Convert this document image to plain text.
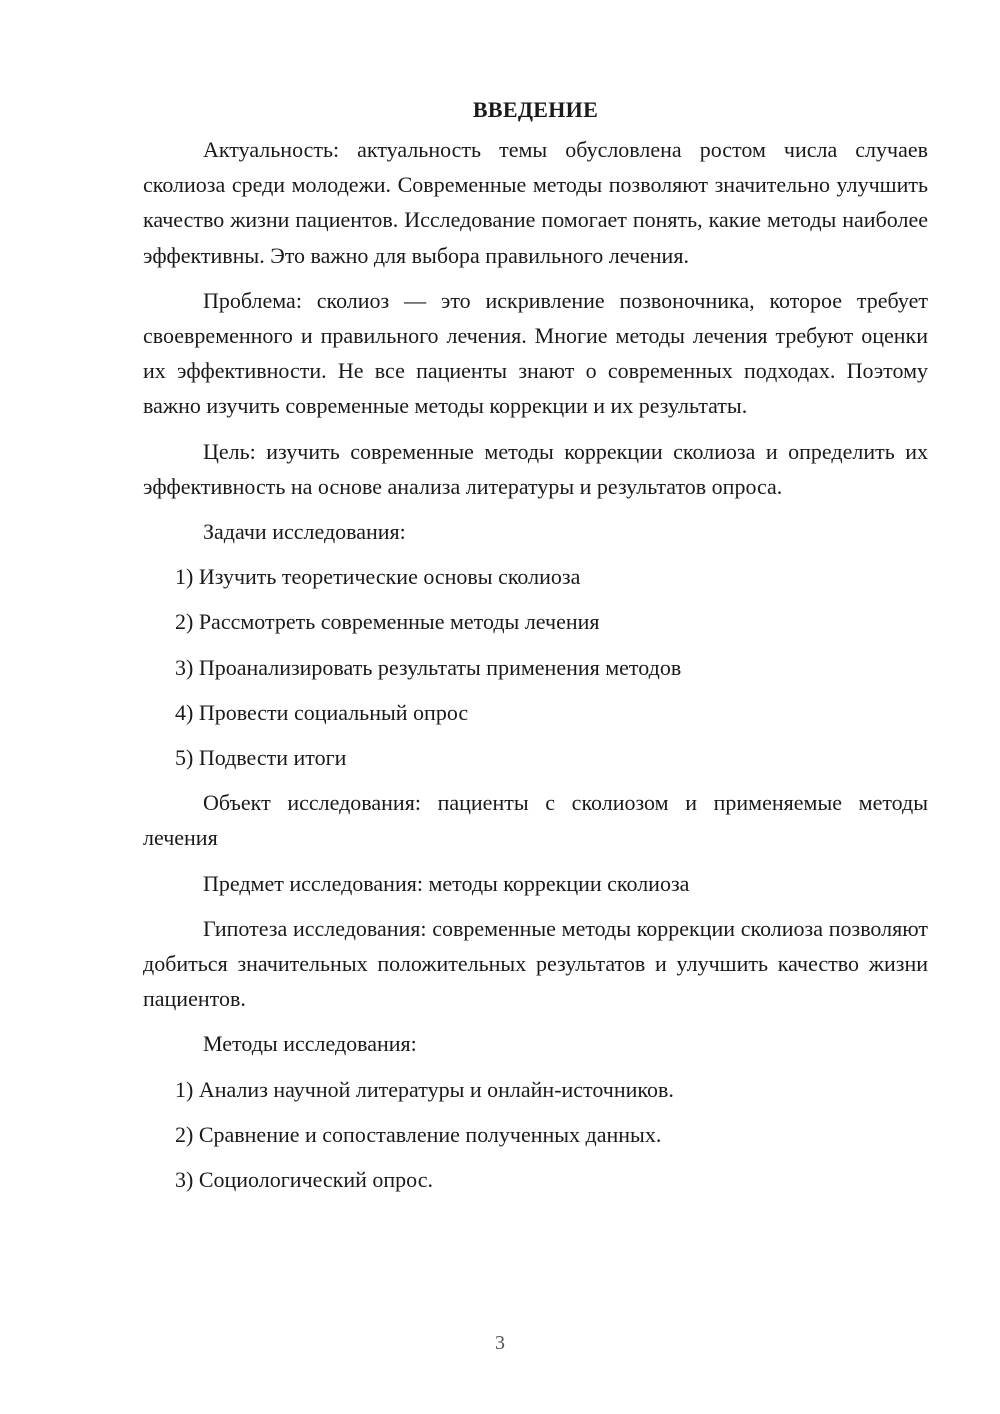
ВВЕДЕНИЕ

Актуальность: актуальность темы обусловлена ростом числа случаев сколиоза среди молодежи. Современные методы позволяют значительно улучшить качество жизни пациентов. Исследование помогает понять, какие методы наиболее эффективны. Это важно для выбора правильного лечения.

Проблема: сколиоз — это искривление позвоночника, которое требует своевременного и правильного лечения. Многие методы лечения требуют оценки их эффективности. Не все пациенты знают о современных подходах. Поэтому важно изучить современные методы коррекции и их результаты.

Цель: изучить современные методы коррекции сколиоза и определить их эффективность на основе анализа литературы и результатов опроса.

Задачи исследования:

1) Изучить теоретические основы сколиоза
2) Рассмотреть современные методы лечения
3) Проанализировать результаты применения методов
4) Провести социальный опрос
5) Подвести итоги

Объект исследования: пациенты с сколиозом и применяемые методы лечения

Предмет исследования: методы коррекции сколиоза

Гипотеза исследования: современные методы коррекции сколиоза позволяют добиться значительных положительных результатов и улучшить качество жизни пациентов.

Методы исследования:

1) Анализ научной литературы и онлайн-источников.
2) Сравнение и сопоставление полученных данных.
3) Социологический опрос.
3
